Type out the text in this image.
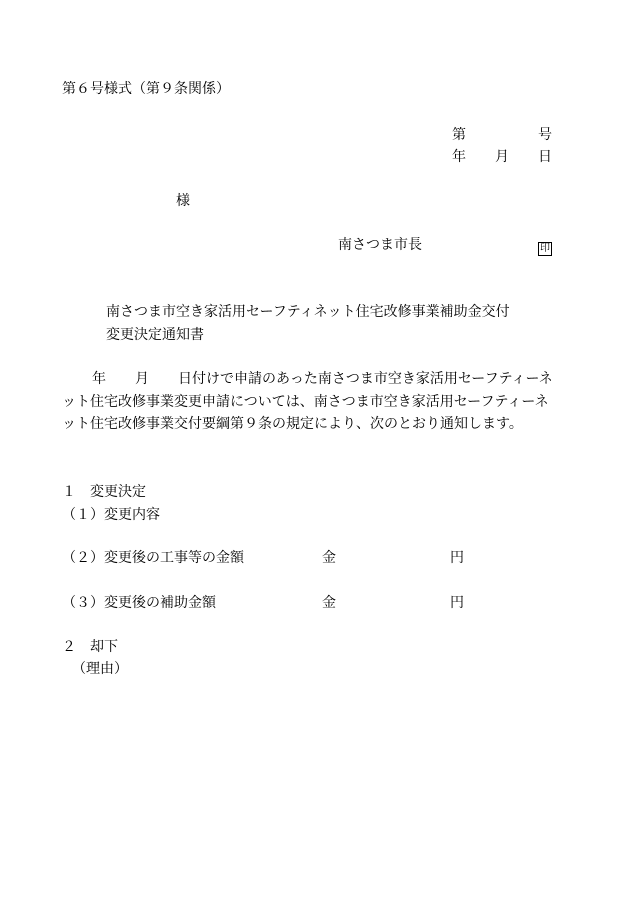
第６号様式（第９条関係）
第	号
年 月 日
様
南さつま市長	印
南さつま市空き家活用セーフティネット住宅改修事業補助金交付
変更決定通知書
年 月 日付けで申請のあった南さつま市空き家活用セーフティーネ
ット住宅改修事業変更申請については、南さつま市空き家活用セーフティーネ
ット住宅改修事業交付要綱第９条の規定により、次のとおり通知します。
１　変更決定
（１）変更内容
（２）変更後の工事等の金額	金	円
（３）変更後の補助金額	金	円
２　却下
（理由）
